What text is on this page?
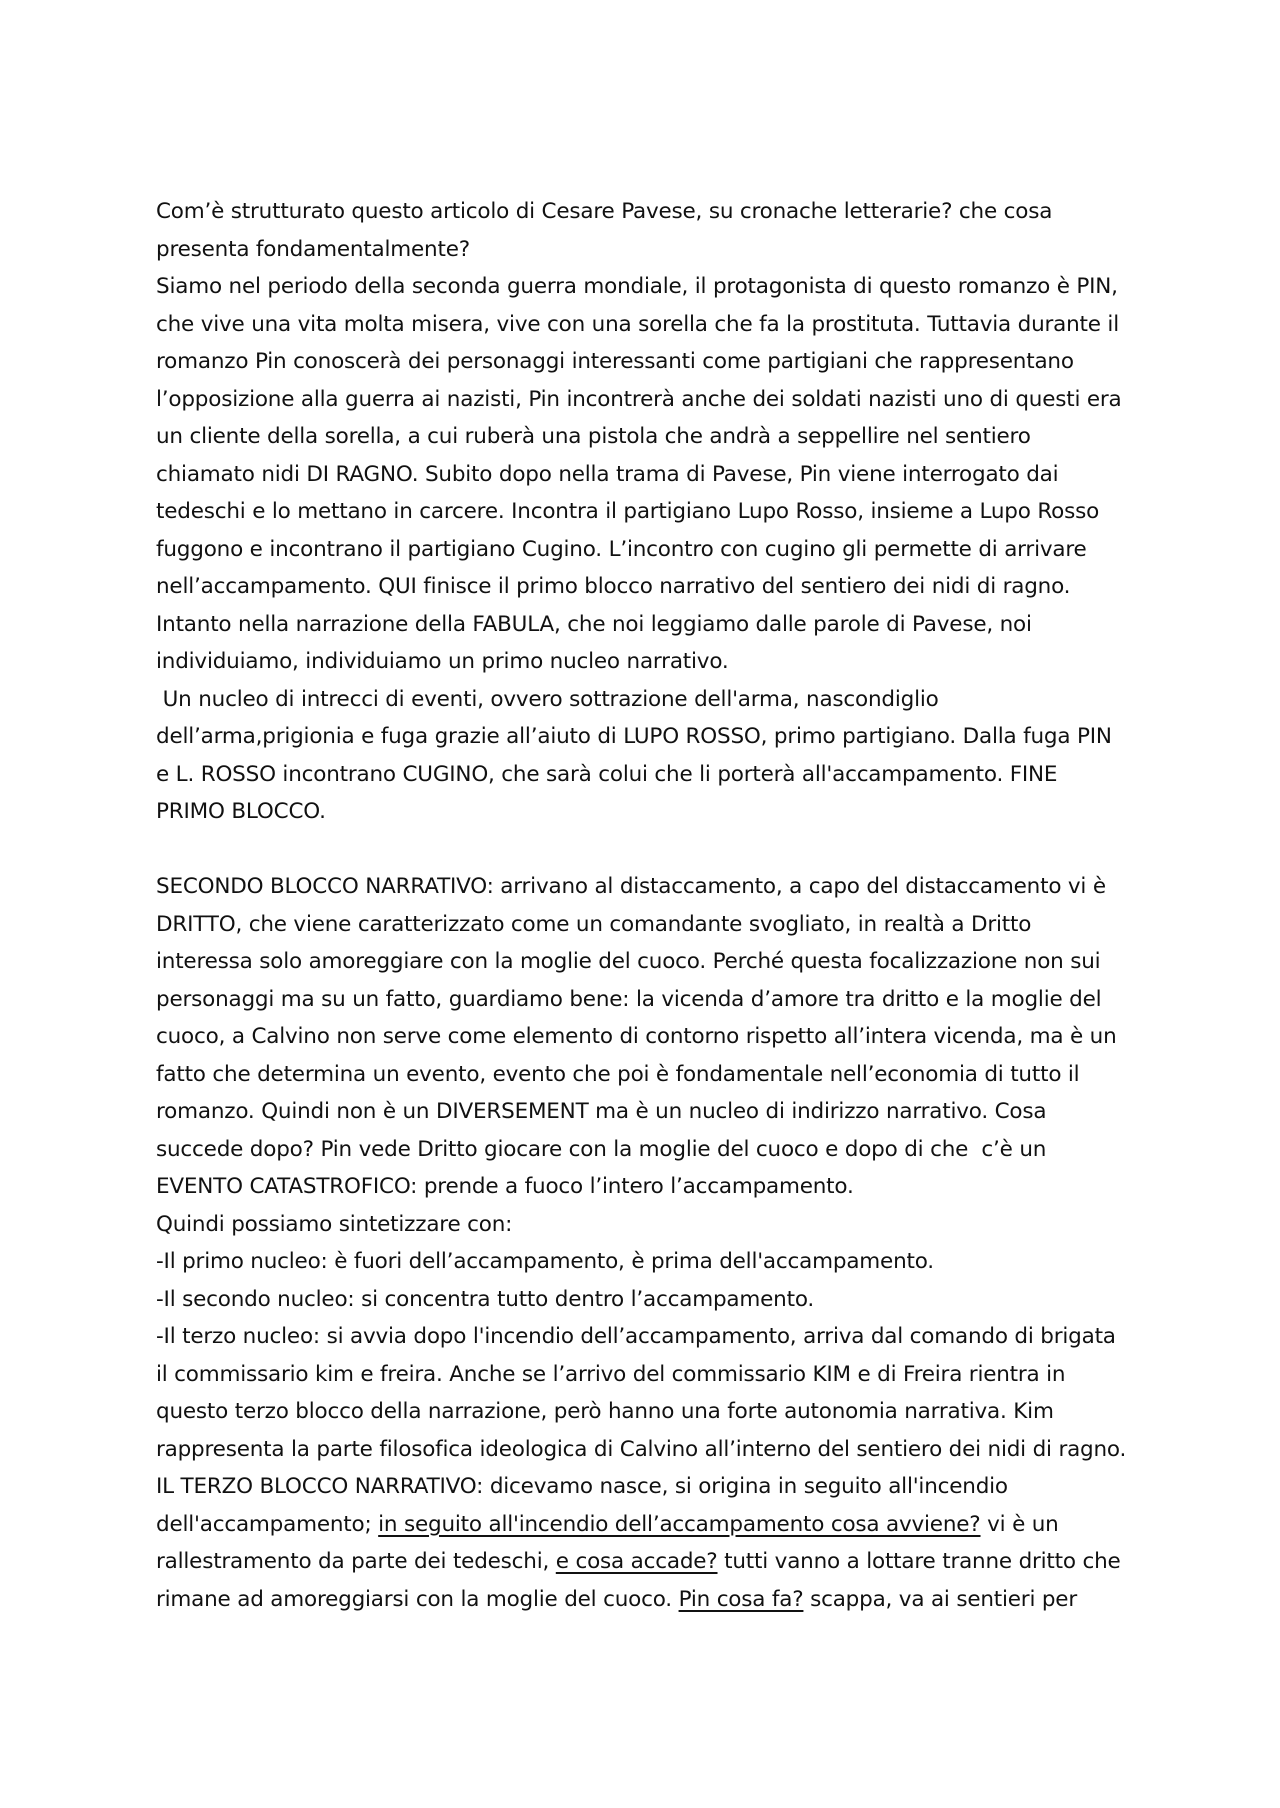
Com’è strutturato questo articolo di Cesare Pavese, su cronache letterarie? che cosa presenta fondamentalmente?

Siamo nel periodo della seconda guerra mondiale, il protagonista di questo romanzo è PIN, che vive una vita molta misera, vive con una sorella che fa la prostituta. Tuttavia durante il romanzo Pin conoscerà dei personaggi interessanti come partigiani che rappresentano l’opposizione alla guerra ai nazisti, Pin incontrerà anche dei soldati nazisti uno di questi era un cliente della sorella, a cui ruberà una pistola che andrà a seppellire nel sentiero chiamato nidi DI RAGNO. Subito dopo nella trama di Pavese, Pin viene interrogato dai tedeschi e lo mettano in carcere. Incontra il partigiano Lupo Rosso, insieme a Lupo Rosso fuggono e incontrano il partigiano Cugino. L’incontro con cugino gli permette di arrivare nell’accampamento. QUI finisce il primo blocco narrativo del sentiero dei nidi di ragno. Intanto nella narrazione della FABULA, che noi leggiamo dalle parole di Pavese, noi individuiamo, individuiamo un primo nucleo narrativo.

Un nucleo di intrecci di eventi, ovvero sottrazione dell'arma, nascondiglio dell’arma,prigionia e fuga grazie all’aiuto di LUPO ROSSO, primo partigiano. Dalla fuga PIN e L. ROSSO incontrano CUGINO, che sarà colui che li porterà all'accampamento. FINE PRIMO BLOCCO.

SECONDO BLOCCO NARRATIVO: arrivano al distaccamento, a capo del distaccamento vi è DRITTO, che viene caratterizzato come un comandante svogliato, in realtà a Dritto interessa solo amoreggiare con la moglie del cuoco. Perché questa focalizzazione non sui personaggi ma su un fatto, guardiamo bene: la vicenda d’amore tra dritto e la moglie del cuoco, a Calvino non serve come elemento di contorno rispetto all’intera vicenda, ma è un fatto che determina un evento, evento che poi è fondamentale nell’economia di tutto il romanzo. Quindi non è un DIVERSEMENT ma è un nucleo di indirizzo narrativo. Cosa succede dopo? Pin vede Dritto giocare con la moglie del cuoco e dopo di che  c’è un EVENTO CATASTROFICO: prende a fuoco l’intero l’accampamento.

Quindi possiamo sintetizzare con:

-Il primo nucleo: è fuori dell’accampamento, è prima dell'accampamento.

-Il secondo nucleo: si concentra tutto dentro l’accampamento.

-Il terzo nucleo: si avvia dopo l'incendio dell’accampamento, arriva dal comando di brigata il commissario kim e freira. Anche se l’arrivo del commissario KIM e di Freira rientra in questo terzo blocco della narrazione, però hanno una forte autonomia narrativa. Kim rappresenta la parte filosofica ideologica di Calvino all’interno del sentiero dei nidi di ragno.

IL TERZO BLOCCO NARRATIVO: dicevamo nasce, si origina in seguito all'incendio dell'accampamento; in seguito all'incendio dell’accampamento cosa avviene? vi è un rallestramento da parte dei tedeschi, e cosa accade? tutti vanno a lottare tranne dritto che rimane ad amoreggiarsi con la moglie del cuoco. Pin cosa fa? scappa, va ai sentieri per
